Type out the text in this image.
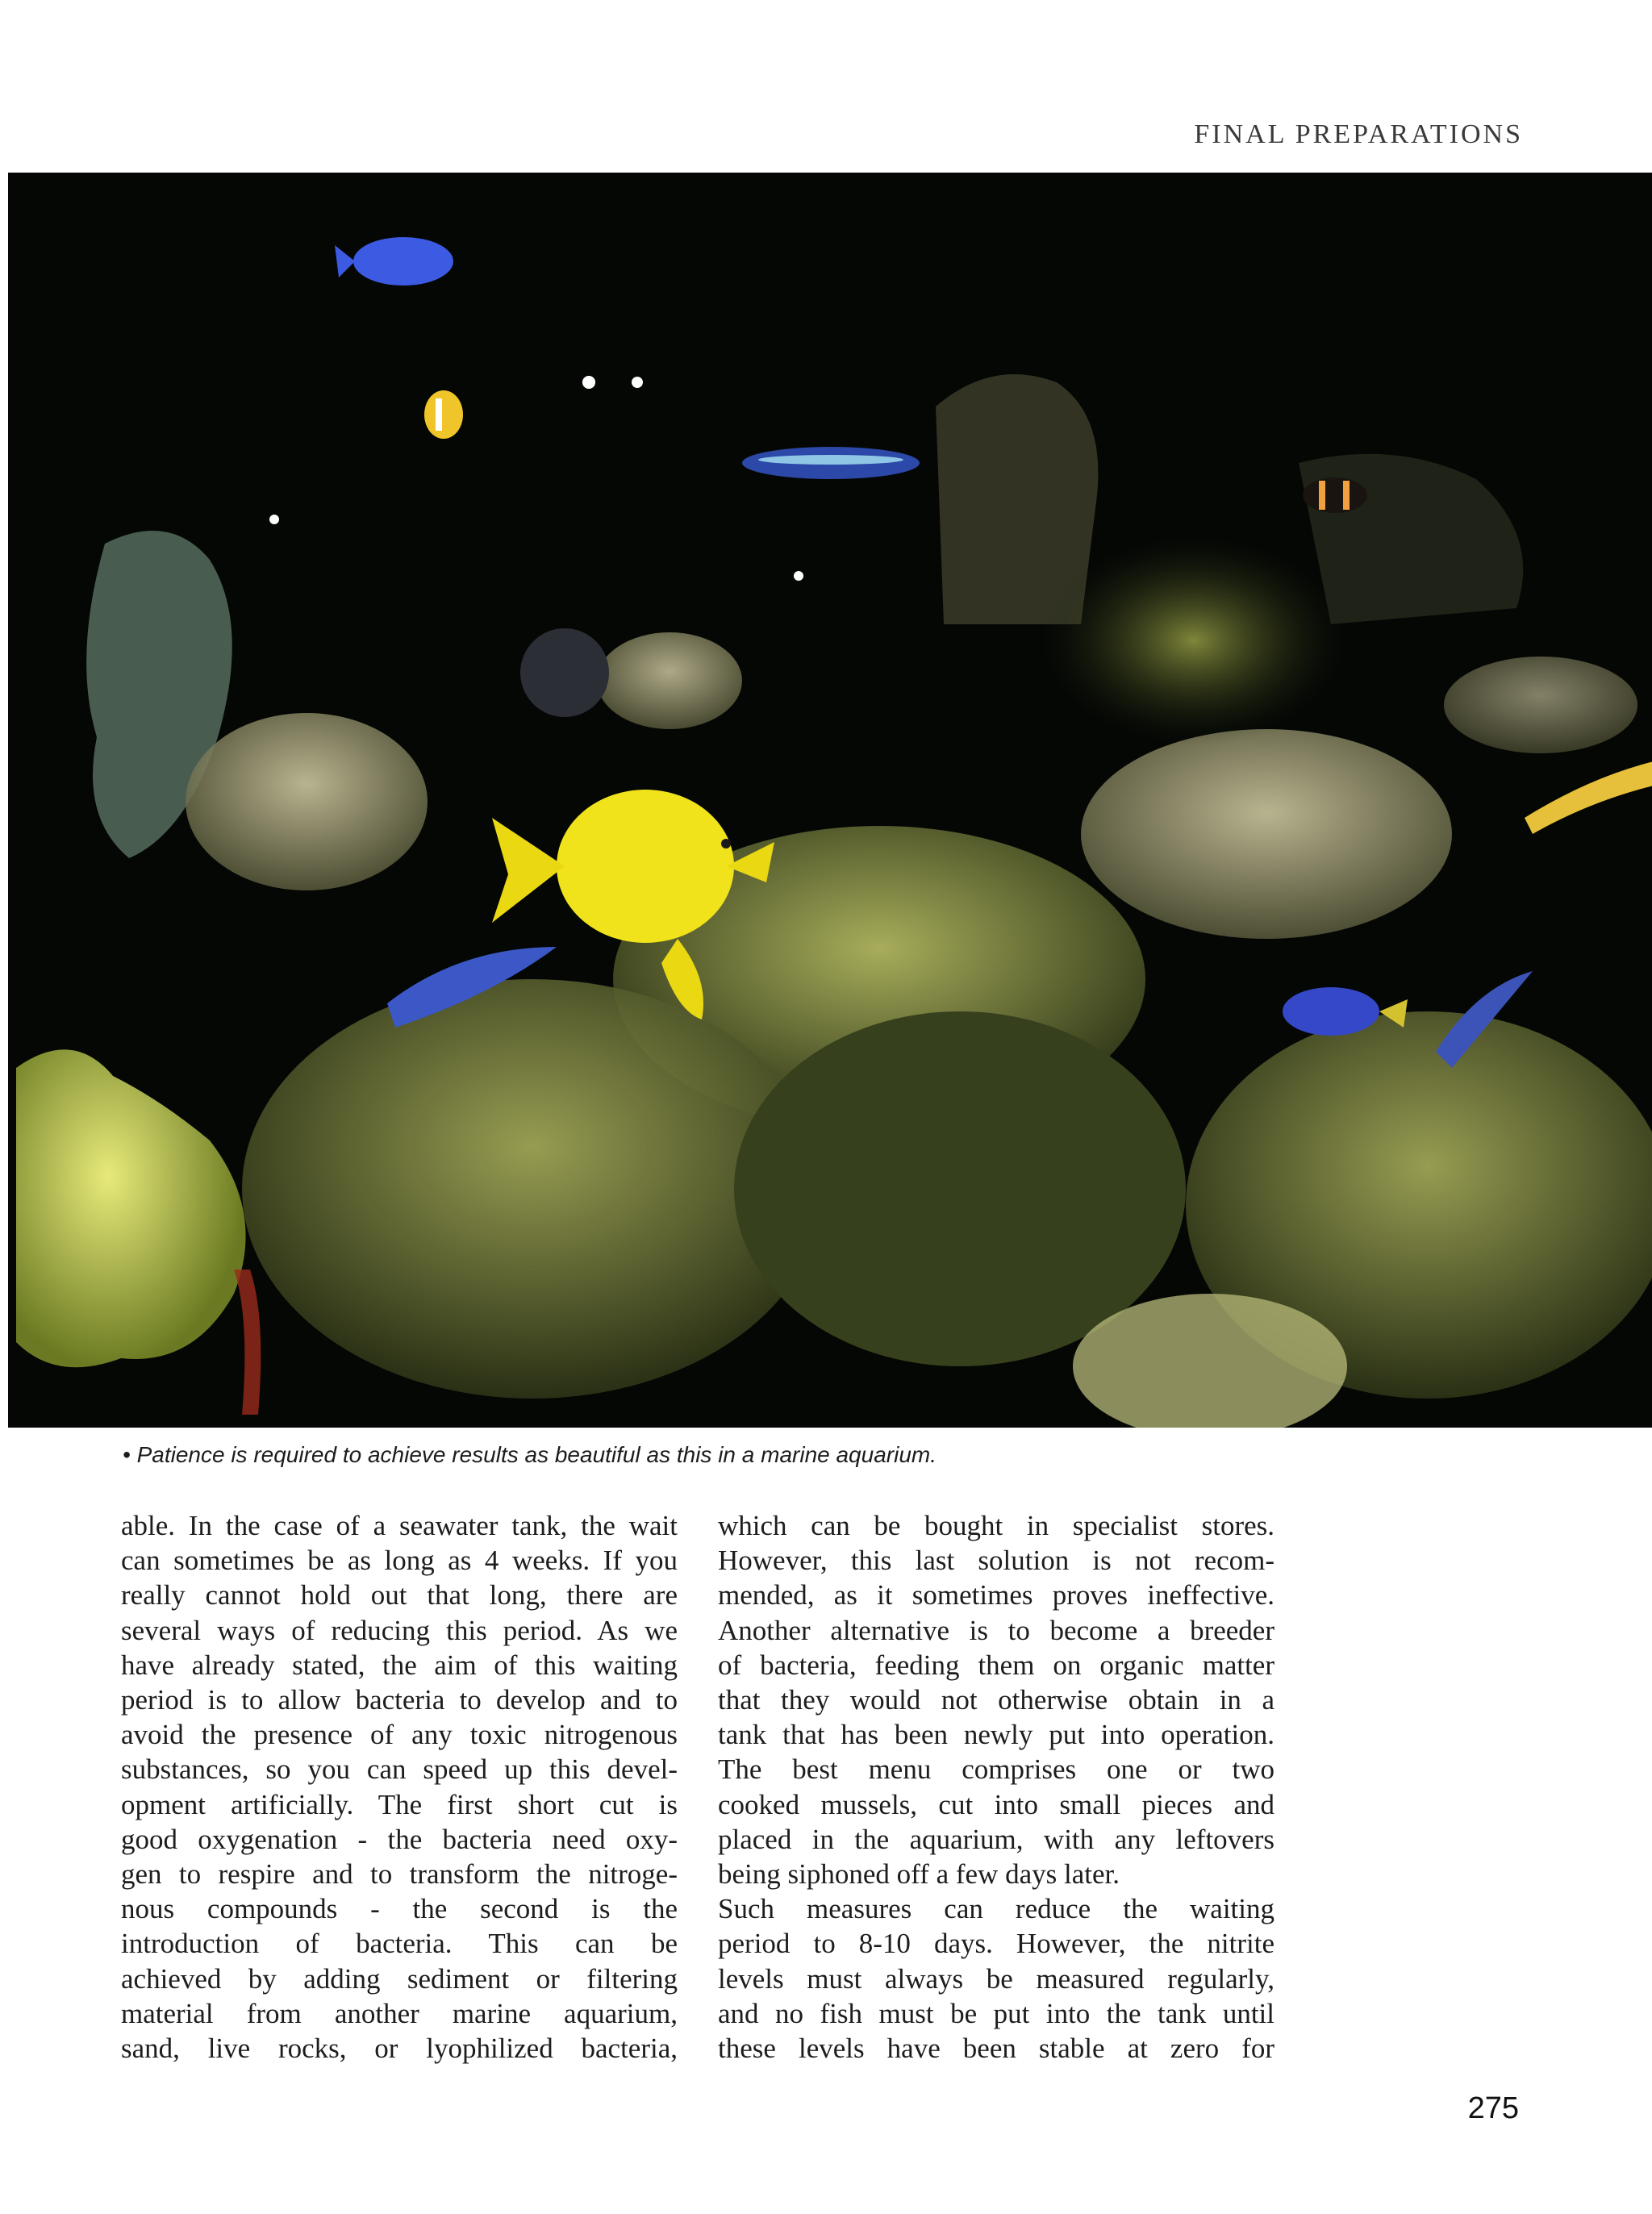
FINAL PREPARATIONS
• Patience is required to achieve results as beautiful as this in a marine aquarium.
able. In the case of a seawater tank, the wait
can sometimes be as long as 4 weeks. If you
really cannot hold out that long, there are
several ways of reducing this period. As we
have already stated, the aim of this waiting
period is to allow bacteria to develop and to
avoid the presence of any toxic nitrogenous
substances, so you can speed up this devel-
opment artificially. The first short cut is
good oxygenation - the bacteria need oxy-
gen to respire and to transform the nitroge-
nous compounds - the second is the
introduction of bacteria. This can be
achieved by adding sediment or filtering
material from another marine aquarium,
sand, live rocks, or lyophilized bacteria,
which can be bought in specialist stores.
However, this last solution is not recom-
mended, as it sometimes proves ineffective.
Another alternative is to become a breeder
of bacteria, feeding them on organic matter
that they would not otherwise obtain in a
tank that has been newly put into operation.
The best menu comprises one or two
cooked mussels, cut into small pieces and
placed in the aquarium, with any leftovers
being siphoned off a few days later.
Such measures can reduce the waiting
period to 8-10 days. However, the nitrite
levels must always be measured regularly,
and no fish must be put into the tank until
these levels have been stable at zero for
275
